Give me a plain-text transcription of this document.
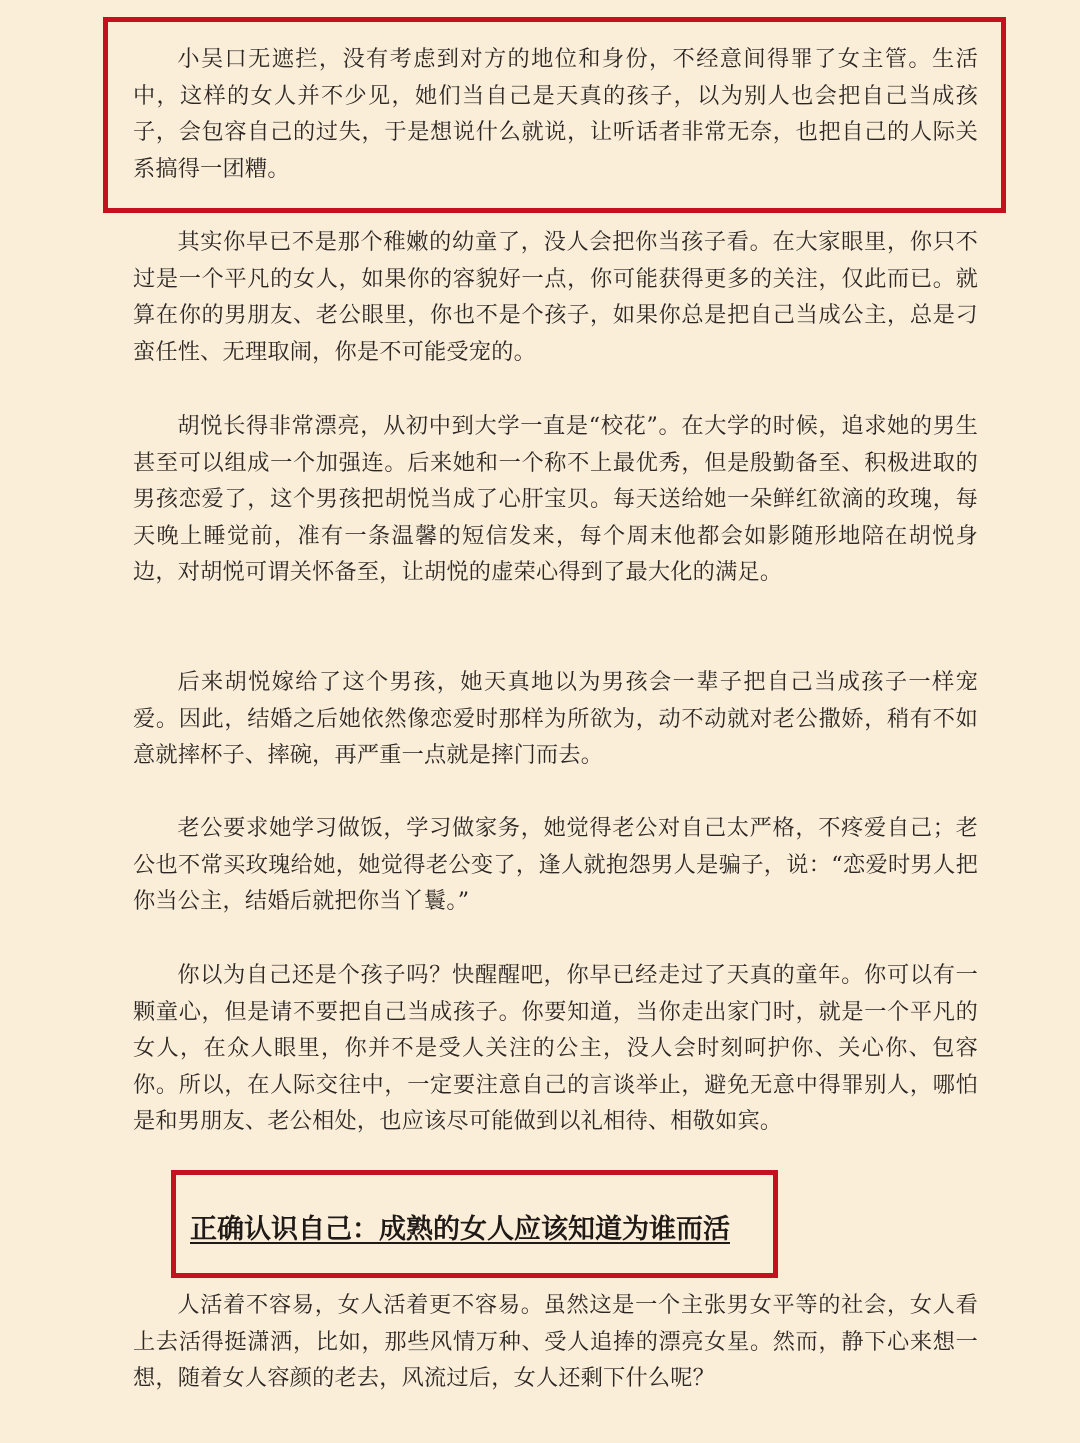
小吴口无遮拦，没有考虑到对方的地位和身份，不经意间得罪了女主管。生活中，这样的女人并不少见，她们当自己是天真的孩子，以为别人也会把自己当成孩子，会包容自己的过失，于是想说什么就说，让听话者非常无奈，也把自己的人际关系搞得一团糟。

其实你早已不是那个稚嫩的幼童了，没人会把你当孩子看。在大家眼里，你只不过是一个平凡的女人，如果你的容貌好一点，你可能获得更多的关注，仅此而已。就算在你的男朋友、老公眼里，你也不是个孩子，如果你总是把自己当成公主，总是刁蛮任性、无理取闹，你是不可能受宠的。

胡悦长得非常漂亮，从初中到大学一直是“校花”。在大学的时候，追求她的男生甚至可以组成一个加强连。后来她和一个称不上最优秀，但是殷勤备至、积极进取的男孩恋爱了，这个男孩把胡悦当成了心肝宝贝。每天送给她一朵鲜红欲滴的玫瑰，每天晚上睡觉前，准有一条温馨的短信发来，每个周末他都会如影随形地陪在胡悦身边，对胡悦可谓关怀备至，让胡悦的虚荣心得到了最大化的满足。

后来胡悦嫁给了这个男孩，她天真地以为男孩会一辈子把自己当成孩子一样宠爱。因此，结婚之后她依然像恋爱时那样为所欲为，动不动就对老公撒娇，稍有不如意就摔杯子、摔碗，再严重一点就是摔门而去。

老公要求她学习做饭，学习做家务，她觉得老公对自己太严格，不疼爱自己；老公也不常买玫瑰给她，她觉得老公变了，逢人就抱怨男人是骗子，说：“恋爱时男人把你当公主，结婚后就把你当丫鬟。”

你以为自己还是个孩子吗？快醒醒吧，你早已经走过了天真的童年。你可以有一颗童心，但是请不要把自己当成孩子。你要知道，当你走出家门时，就是一个平凡的女人，在众人眼里，你并不是受人关注的公主，没人会时刻呵护你、关心你、包容你。所以，在人际交往中，一定要注意自己的言谈举止，避免无意中得罪别人，哪怕是和男朋友、老公相处，也应该尽可能做到以礼相待、相敬如宾。

正确认识自己：成熟的女人应该知道为谁而活

人活着不容易，女人活着更不容易。虽然这是一个主张男女平等的社会，女人看上去活得挺潇洒，比如，那些风情万种、受人追捧的漂亮女星。然而，静下心来想一想，随着女人容颜的老去，风流过后，女人还剩下什么呢？
